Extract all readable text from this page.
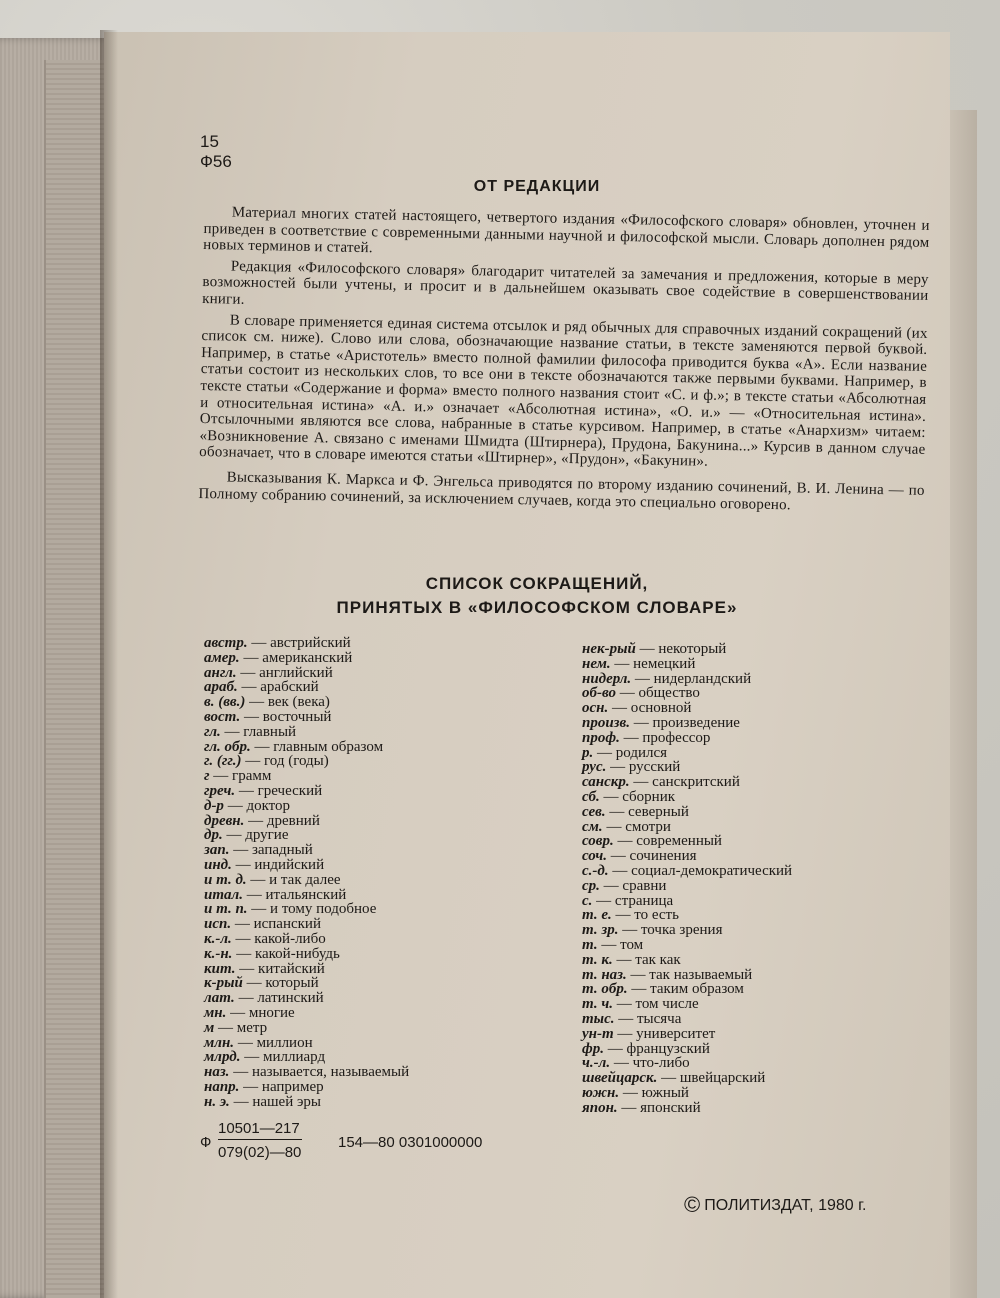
15
Ф56
ОТ РЕДАКЦИИ

Материал многих статей настоящего, четвертого издания «Философского словаря» обновлен, уточнен и приведен в соответствие с современными данными научной и философской мысли. Словарь дополнен рядом новых терминов и статей.

Редакция «Философского словаря» благодарит читателей за замечания и предложения, которые в меру возможностей были учтены, и просит и в дальнейшем оказывать свое содействие в совершенствовании книги.

В словаре применяется единая система отсылок и ряд обычных для справочных изданий сокращений (их список см. ниже). Слово или слова, обозначающие название статьи, в тексте заменяются первой буквой. Например, в статье «Аристотель» вместо полной фамилии философа приводится буква «А». Если название статьи состоит из нескольких слов, то все они в тексте обозначаются также первыми буквами. Например, в тексте статьи «Содержание и форма» вместо полного названия стоит «С. и ф.»; в тексте статьи «Абсолютная и относительная истина» «А. и.» означает «Абсолютная истина», «О. и.» — «Относительная истина». Отсылочными являются все слова, набранные в статье курсивом. Например, в статье «Анархизм» читаем: «Возникновение А. связано с именами Шмидта (Штирнера), Прудона, Бакунина...» Курсив в данном случае обозначает, что в словаре имеются статьи «Штирнер», «Прудон», «Бакунин».

Высказывания К. Маркса и Ф. Энгельса приводятся по второму изданию сочинений, В. И. Ленина — по Полному собранию сочинений, за исключением случаев, когда это специально оговорено.

СПИСОК СОКРАЩЕНИЙ,
ПРИНЯТЫХ В «ФИЛОСОФСКОМ СЛОВАРЕ»
австр. — австрийский
амер. — американский
англ. — английский
араб. — арабский
в. (вв.) — век (века)
вост. — восточный
гл. — главный
гл. обр. — главным образом
г. (гг.) — год (годы)
г — грамм
греч. — греческий
д-р — доктор
древн. — древний
др. — другие
зап. — западный
инд. — индийский
и т. д. — и так далее
итал. — итальянский
и т. п. — и тому подобное
исп. — испанский
к.-л. — какой-либо
к.-н. — какой-нибудь
кит. — китайский
к-рый — который
лат. — латинский
мн. — многие
м — метр
млн. — миллион
млрд. — миллиард
наз. — называется, называемый
напр. — например
н. э. — нашей эры
нек-рый — некоторый
нем. — немецкий
нидерл. — нидерландский
об-во — общество
осн. — основной
произв. — произведение
проф. — профессор
р. — родился
рус. — русский
санскр. — санскритский
сб. — сборник
сев. — северный
см. — смотри
совр. — современный
соч. — сочинения
с.-д. — социал-демократический
ср. — сравни
с. — страница
т. е. — то есть
т. зр. — точка зрения
т. — том
т. к. — так как
т. наз. — так называемый
т. обр. — таким образом
т. ч. — том числе
тыс. — тысяча
ун-т — университет
фр. — французский
ч.-л. — что-либо
швейцарск. — швейцарский
южн. — южный
япон. — японский
Ф
10501—217
079(02)—80
154—80 0301000000
© ПОЛИТИЗДАТ, 1980 г.
